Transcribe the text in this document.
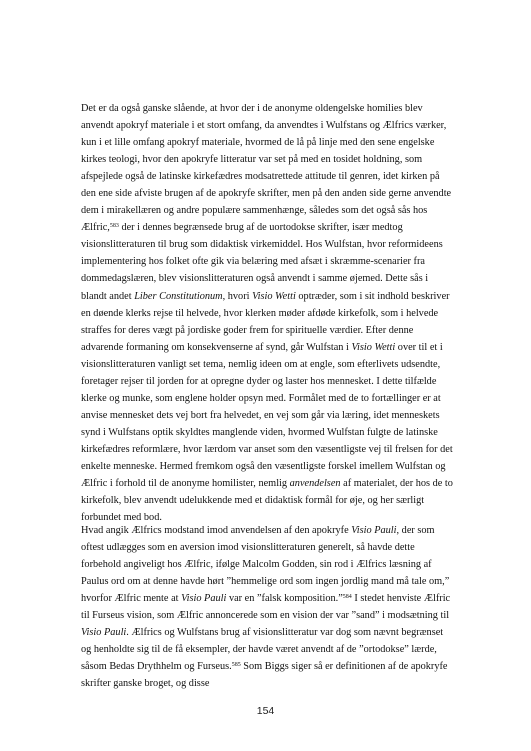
Det er da også ganske slående, at hvor der i de anonyme oldengelske homilies blev anvendt apokryf materiale i et stort omfang, da anvendtes i Wulfstans og Ælfrics værker, kun i et lille omfang apokryf materiale, hvormed de lå på linje med den sene engelske kirkes teologi, hvor den apokryfe litteratur var set på med en tosidet holdning, som afspejlede også de latinske kirkefædres modsatrettede attitude til genren, idet kirken på den ene side afviste brugen af de apokryfe skrifter, men på den anden side gerne anvendte dem i mirakellæren og andre populære sammenhænge, således som det også sås hos Ælfric,$^{583}$ der i dennes begrænsede brug af de uortodokse skrifter, især medtog visionslitteraturen til brug som didaktisk virkemiddel. Hos Wulfstan, hvor reformideens implementering hos folket ofte gik via belæring med afsæt i skræmme-scenarier fra dommedagslæren, blev visionslitteraturen også anvendt i samme øjemed. Dette sås i blandt andet Liber Constitutionum, hvori Visio Wetti optræder, som i sit indhold beskriver en døende klerks rejse til helvede, hvor klerken møder afdøde kirkefolk, som i helvede straffes for deres vægt på jordiske goder frem for spirituelle værdier. Efter denne advarende formaning om konsekvenserne af synd, går Wulfstan i Visio Wetti over til et i visionslitteraturen vanligt set tema, nemlig ideen om at engle, som efterlivets udsendte, foretager rejser til jorden for at opregne dyder og laster hos mennesket. I dette tilfælde klerke og munke, som englene holder opsyn med. Formålet med de to fortællinger er at anvise mennesket dets vej bort fra helvedet, en vej som går via læring, idet menneskets synd i Wulfstans optik skyldtes manglende viden, hvormed Wulfstan fulgte de latinske kirkefædres reformlære, hvor lærdom var anset som den væsentligste vej til frelsen for det enkelte menneske. Hermed fremkom også den væsentligste forskel imellem Wulfstan og Ælfric i forhold til de anonyme homilister, nemlig anvendelsen af materialet, der hos de to kirkefolk, blev anvendt udelukkende med et didaktisk formål for øje, og her særligt forbundet med bod.

Hvad angik Ælfrics modstand imod anvendelsen af den apokryfe Visio Pauli, der som oftest udlægges som en aversion imod visionslitteraturen generelt, så havde dette forbehold angiveligt hos Ælfric, ifølge Malcolm Godden, sin rod i Ælfrics læsning af Paulus ord om at denne havde hørt ”hemmelige ord som ingen jordlig mand må tale om,” hvorfor Ælfric mente at Visio Pauli var en ”falsk komposition.”$^{584}$ I stedet henviste Ælfric til Furseus vision, som Ælfric annoncerede som en vision der var ”sand” i modsætning til Visio Pauli. Ælfrics og Wulfstans brug af visionslitteratur var dog som nævnt begrænset og henholdte sig til de få eksempler, der havde været anvendt af de ”ortodokse” lærde, såsom Bedas Drythhelm og Furseus.$^{585}$ Som Biggs siger så er definitionen af de apokryfe skrifter ganske broget, og disse

154
